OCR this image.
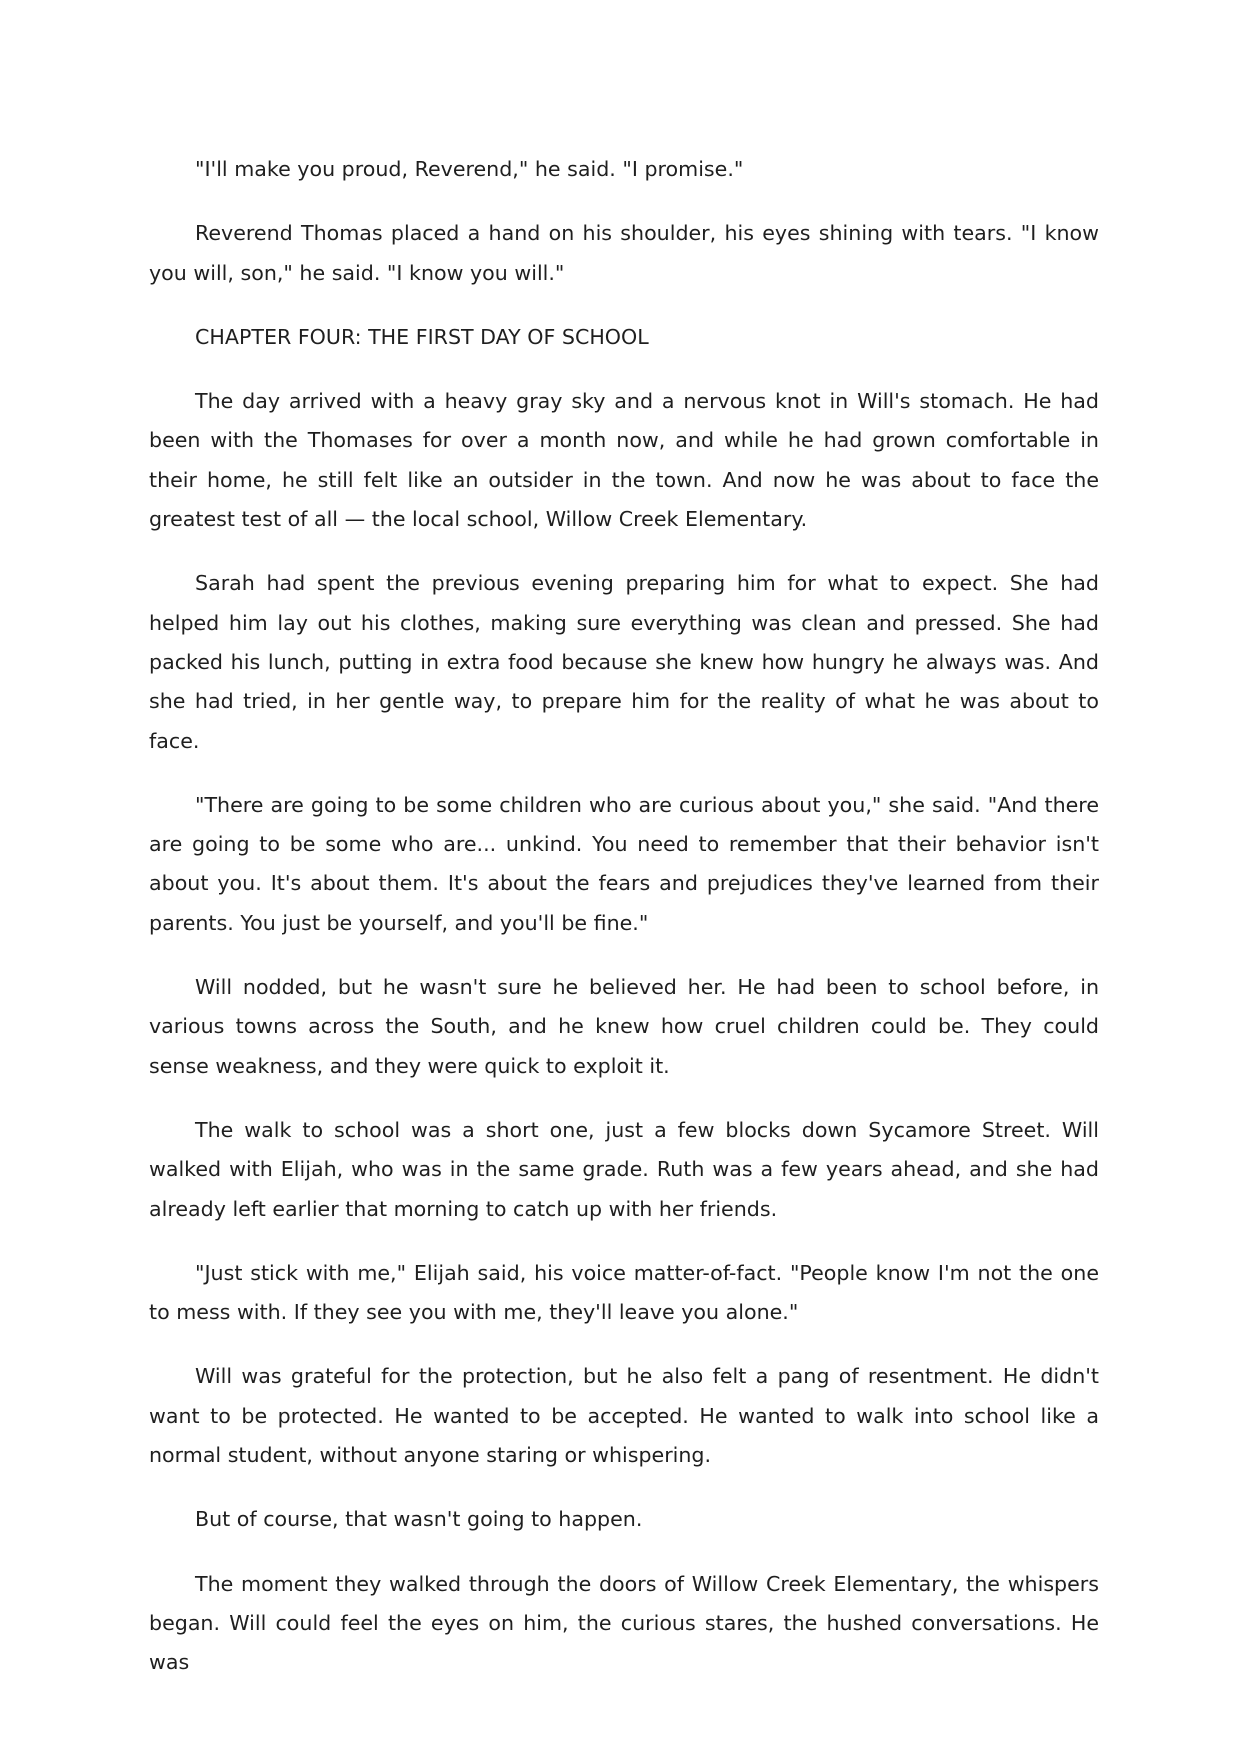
"I'll make you proud, Reverend," he said. "I promise."

Reverend Thomas placed a hand on his shoulder, his eyes shining with tears. "I know you will, son," he said. "I know you will."

CHAPTER FOUR: THE FIRST DAY OF SCHOOL

The day arrived with a heavy gray sky and a nervous knot in Will's stomach. He had been with the Thomases for over a month now, and while he had grown comfortable in their home, he still felt like an outsider in the town. And now he was about to face the greatest test of all — the local school, Willow Creek Elementary.

Sarah had spent the previous evening preparing him for what to expect. She had helped him lay out his clothes, making sure everything was clean and pressed. She had packed his lunch, putting in extra food because she knew how hungry he always was. And she had tried, in her gentle way, to prepare him for the reality of what he was about to face.

"There are going to be some children who are curious about you," she said. "And there are going to be some who are... unkind. You need to remember that their behavior isn't about you. It's about them. It's about the fears and prejudices they've learned from their parents. You just be yourself, and you'll be fine."

Will nodded, but he wasn't sure he believed her. He had been to school before, in various towns across the South, and he knew how cruel children could be. They could sense weakness, and they were quick to exploit it.

The walk to school was a short one, just a few blocks down Sycamore Street. Will walked with Elijah, who was in the same grade. Ruth was a few years ahead, and she had already left earlier that morning to catch up with her friends.

"Just stick with me," Elijah said, his voice matter-of-fact. "People know I'm not the one to mess with. If they see you with me, they'll leave you alone."

Will was grateful for the protection, but he also felt a pang of resentment. He didn't want to be protected. He wanted to be accepted. He wanted to walk into school like a normal student, without anyone staring or whispering.

But of course, that wasn't going to happen.

The moment they walked through the doors of Willow Creek Elementary, the whispers began. Will could feel the eyes on him, the curious stares, the hushed conversations. He was
